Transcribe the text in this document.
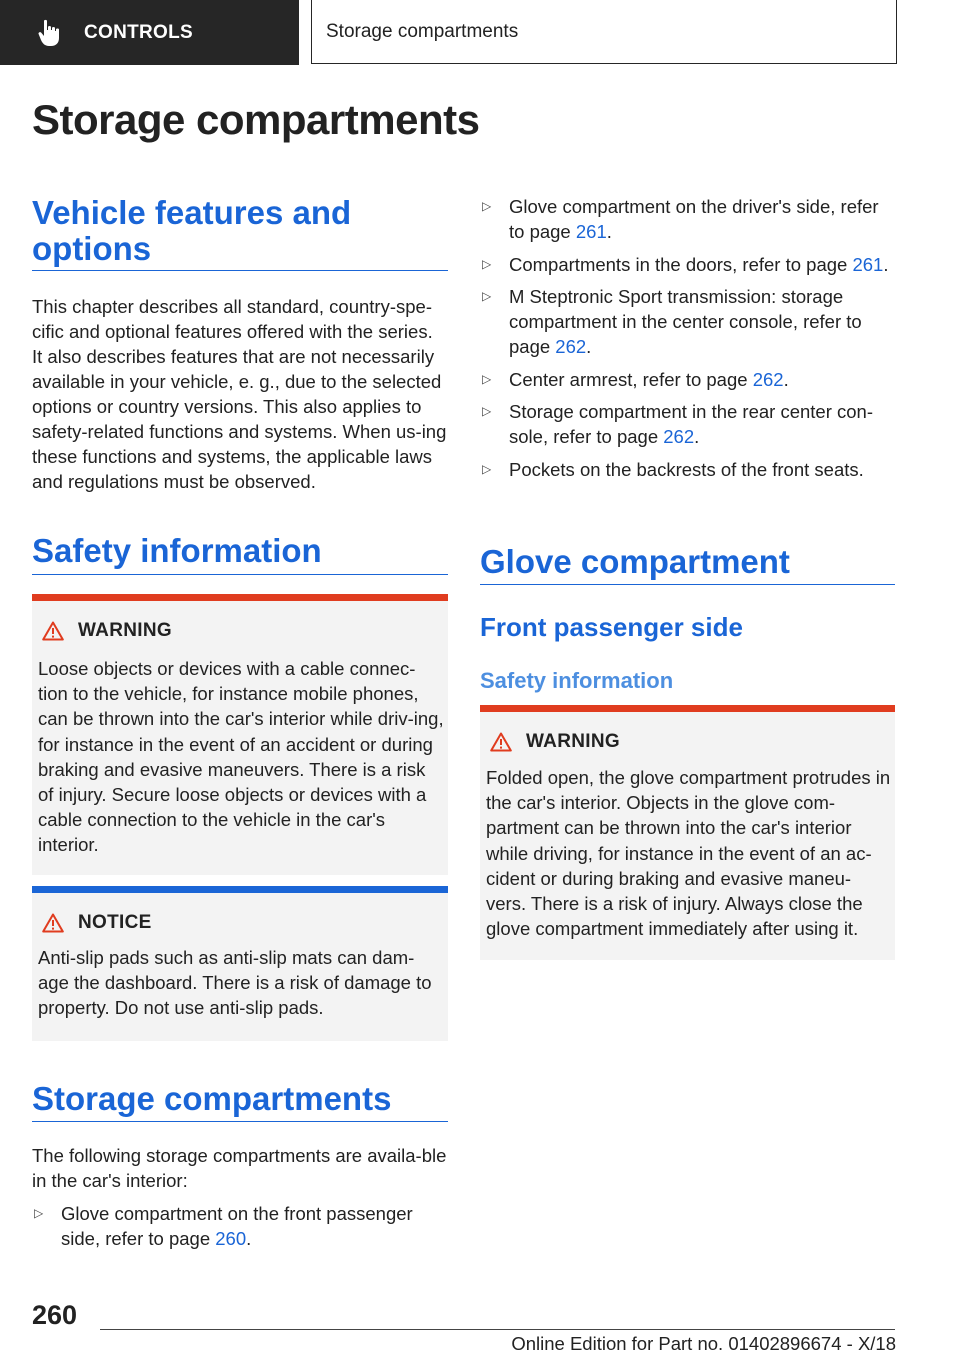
CONTROLS	Storage compartments
Storage compartments
Vehicle features and options

This chapter describes all standard, country-spe-cific and optional features offered with the series. It also describes features that are not necessarily available in your vehicle, e. g., due to the selected options or country versions. This also applies to safety-related functions and systems. When us-ing these functions and systems, the applicable laws and regulations must be observed.

Safety information
WARNING

Loose objects or devices with a cable connec-tion to the vehicle, for instance mobile phones, can be thrown into the car's interior while driv-ing, for instance in the event of an accident or during braking and evasive maneuvers. There is a risk of injury. Secure loose objects or devices with a cable connection to the vehicle in the car's interior.

NOTICE

Anti-slip pads such as anti-slip mats can dam-age the dashboard. There is a risk of damage to property. Do not use anti-slip pads.

Storage compartments

The following storage compartments are availa-ble in the car's interior:

▷ Glove compartment on the front passenger side, refer to page 260.
▷ Glove compartment on the driver's side, refer to page 261.
▷ Compartments in the doors, refer to page 261.
▷ M Steptronic Sport transmission: storage compartment in the center console, refer to page 262.
▷ Center armrest, refer to page 262.
▷ Storage compartment in the rear center con-sole, refer to page 262.
▷ Pockets on the backrests of the front seats.
Glove compartment
Front passenger side
Safety information
WARNING

Folded open, the glove compartment protrudes in the car's interior. Objects in the glove com-partment can be thrown into the car's interior while driving, for instance in the event of an ac-cident or during braking and evasive maneu-vers. There is a risk of injury. Always close the glove compartment immediately after using it.

260
Online Edition for Part no. 01402896674 - X/18
